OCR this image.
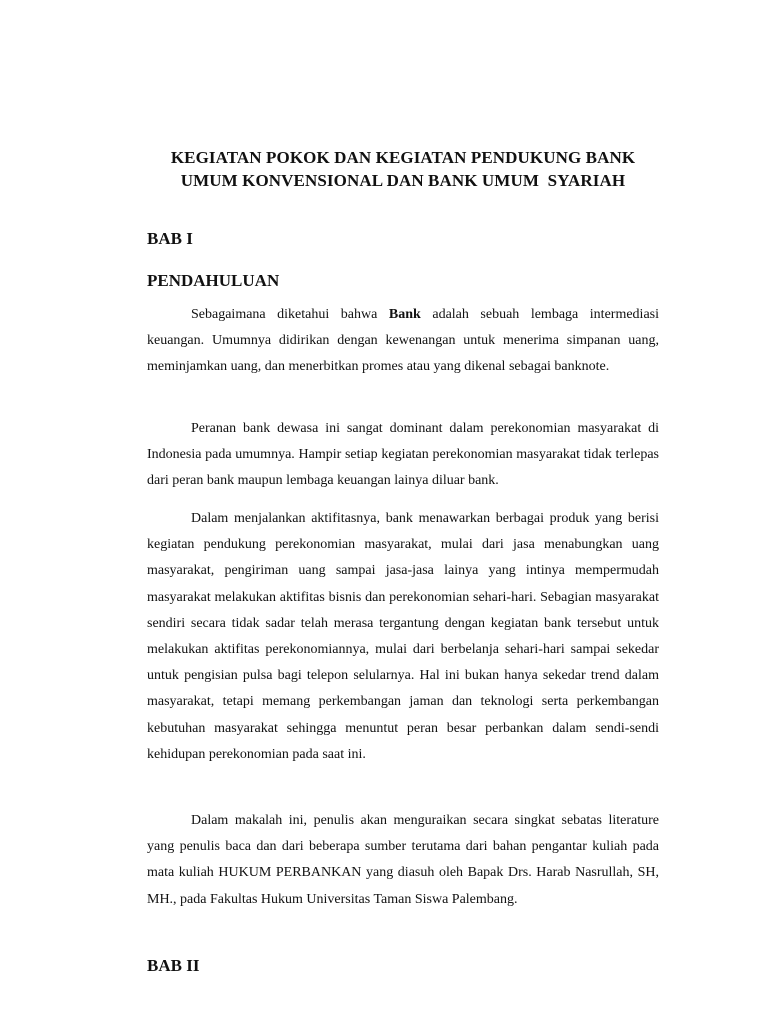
KEGIATAN POKOK DAN KEGIATAN PENDUKUNG BANK
UMUM KONVENSIONAL DAN BANK UMUM  SYARIAH
BAB I
PENDAHULUAN

Sebagaimana diketahui bahwa Bank adalah sebuah lembaga intermediasi keuangan. Umumnya didirikan dengan kewenangan untuk menerima simpanan uang, meminjamkan uang, dan menerbitkan promes atau yang dikenal sebagai banknote.

Peranan bank dewasa ini sangat dominant dalam perekonomian masyarakat di Indonesia pada umumnya. Hampir setiap kegiatan perekonomian masyarakat tidak terlepas dari peran bank maupun lembaga keuangan lainya diluar bank.

Dalam menjalankan aktifitasnya, bank menawarkan berbagai produk yang berisi kegiatan pendukung perekonomian masyarakat, mulai dari jasa menabungkan uang masyarakat, pengiriman uang sampai jasa-jasa lainya yang intinya mempermudah masyarakat melakukan aktifitas bisnis dan perekonomian sehari-hari. Sebagian masyarakat sendiri secara tidak sadar telah merasa tergantung dengan kegiatan bank tersebut untuk melakukan aktifitas perekonomiannya, mulai dari berbelanja sehari-hari sampai sekedar untuk pengisian pulsa bagi telepon selularnya. Hal ini bukan hanya sekedar trend dalam masyarakat, tetapi memang perkembangan jaman dan teknologi serta perkembangan kebutuhan masyarakat sehingga menuntut peran besar perbankan dalam sendi-sendi kehidupan perekonomian pada saat ini.

Dalam makalah ini, penulis akan menguraikan secara singkat sebatas literature yang penulis baca dan dari beberapa sumber terutama dari bahan pengantar kuliah pada mata kuliah HUKUM PERBANKAN yang diasuh oleh Bapak Drs. Harab Nasrullah, SH, MH., pada Fakultas Hukum Universitas Taman Siswa Palembang.

BAB II
